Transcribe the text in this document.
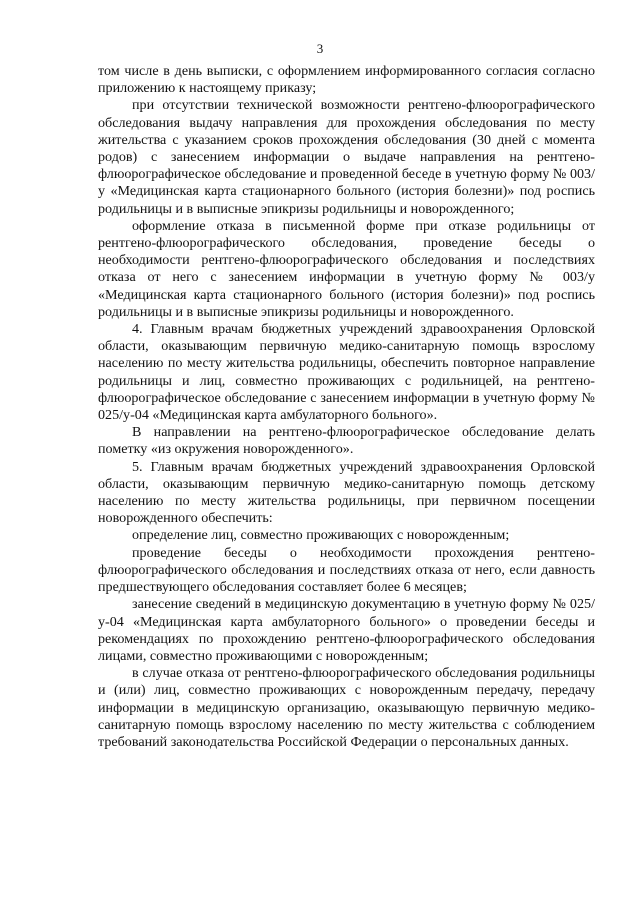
3

том числе в день выписки, с оформлением информированного согласия согласно приложению к настоящему приказу;

при отсутствии технической возможности рентгено-флюорографического обследования выдачу направления для прохождения обследования по месту жительства с указанием сроков прохождения обследования (30 дней с момента родов) с занесением информации о выдаче направления на рентгено-флюорографическое обследование и проведенной беседе в учетную форму № 003/у «Медицинская карта стационарного больного (история болезни)» под роспись родильницы и в выписные эпикризы родильницы и новорожденного;

оформление отказа в письменной форме при отказе родильницы от рентгено-флюорографического обследования, проведение беседы о необходимости рентгено-флюорографического обследования и последствиях отказа от него с занесением информации в учетную форму № 003/у «Медицинская карта стационарного больного (история болезни)» под роспись родильницы и в выписные эпикризы родильницы и новорожденного.

4. Главным врачам бюджетных учреждений здравоохранения Орловской области, оказывающим первичную медико-санитарную помощь взрослому населению по месту жительства родильницы, обеспечить повторное направление родильницы и лиц, совместно проживающих с родильницей, на рентгено-флюорографическое обследование с занесением информации в учетную форму № 025/у-04 «Медицинская карта амбулаторного больного».

В направлении на рентгено-флюорографическое обследование делать пометку «из окружения новорожденного».

5. Главным врачам бюджетных учреждений здравоохранения Орловской области, оказывающим первичную медико-санитарную помощь детскому населению по месту жительства родильницы, при первичном посещении новорожденного обеспечить:

определение лиц, совместно проживающих с новорожденным;

проведение беседы о необходимости прохождения рентгено-флюорографического обследования и последствиях отказа от него, если давность предшествующего обследования составляет более 6 месяцев;

занесение сведений в медицинскую документацию в учетную форму № 025/у-04 «Медицинская карта амбулаторного больного» о проведении беседы и рекомендациях по прохождению рентгено-флюорографического обследования лицами, совместно проживающими с новорожденным;

в случае отказа от рентгено-флюорографического обследования родильницы и (или) лиц, совместно проживающих с новорожденным передачу, передачу информации в медицинскую организацию, оказывающую первичную медико-санитарную помощь взрослому населению по месту жительства с соблюдением требований законодательства Российской Федерации о персональных данных.
